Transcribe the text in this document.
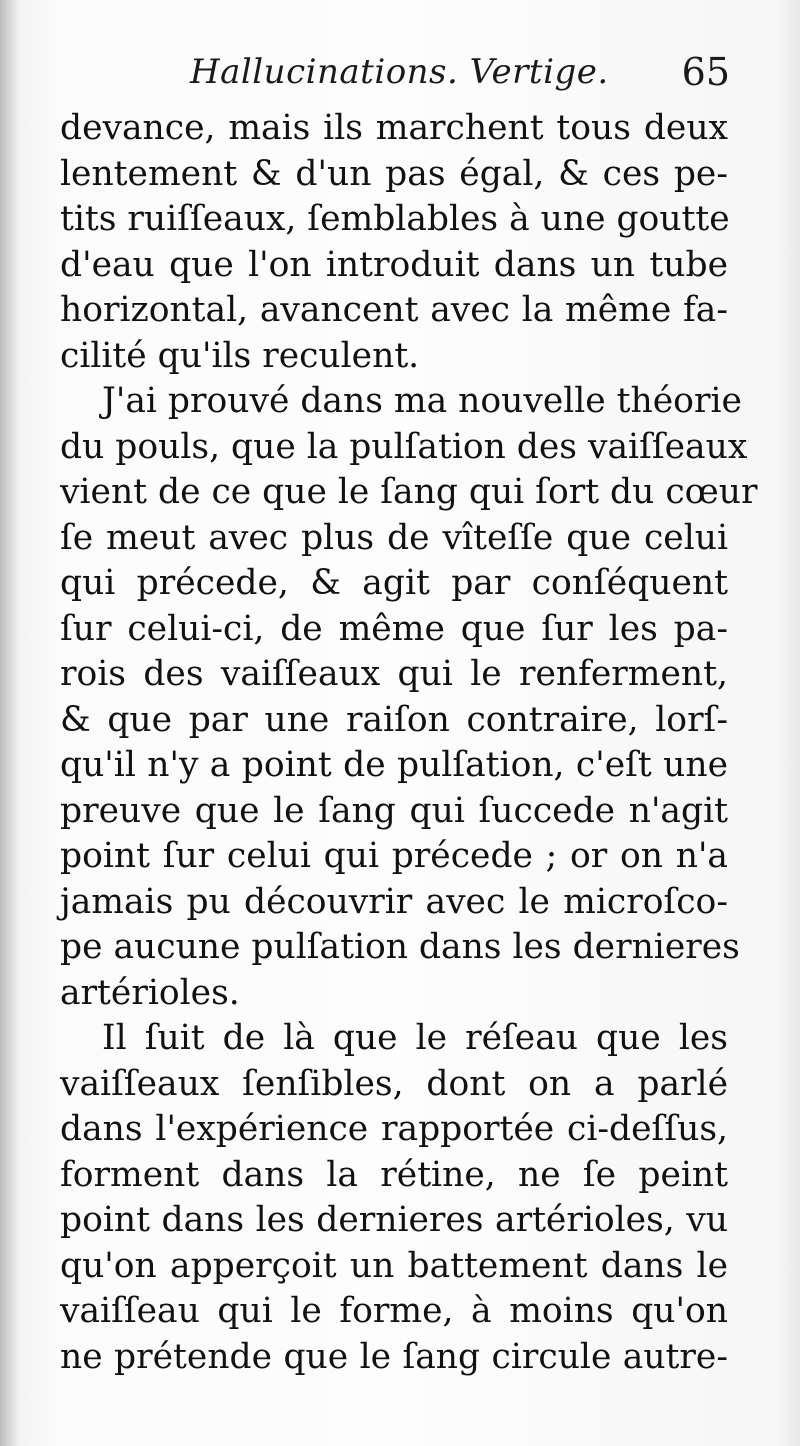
Hallucinations. Vertige. 65
devance, mais ils marchent tous deux
lentement & d'un pas égal, & ces pe-
tits ruiſſeaux, ſemblables à une goutte
d'eau que l'on introduit dans un tube
horizontal, avancent avec la même fa-
cilité qu'ils reculent.
J'ai prouvé dans ma nouvelle théorie
du pouls, que la pulſation des vaiſſeaux
vient de ce que le ſang qui ſort du cœur
ſe meut avec plus de vîteſſe que celui
qui précede, & agit par conſéquent
ſur celui-ci, de même que ſur les pa-
rois des vaiſſeaux qui le renferment,
& que par une raiſon contraire, lorſ-
qu'il n'y a point de pulſation, c'eſt une
preuve que le ſang qui ſuccede n'agit
point ſur celui qui précede ; or on n'a
jamais pu découvrir avec le microſco-
pe aucune pulſation dans les dernieres
artérioles.
Il ſuit de là que le réſeau que les
vaiſſeaux ſenſibles, dont on a parlé
dans l'expérience rapportée ci-deſſus,
forment dans la rétine, ne ſe peint
point dans les dernieres artérioles, vu
qu'on apperçoit un battement dans le
vaiſſeau qui le forme, à moins qu'on
ne prétende que le ſang circule autre-
